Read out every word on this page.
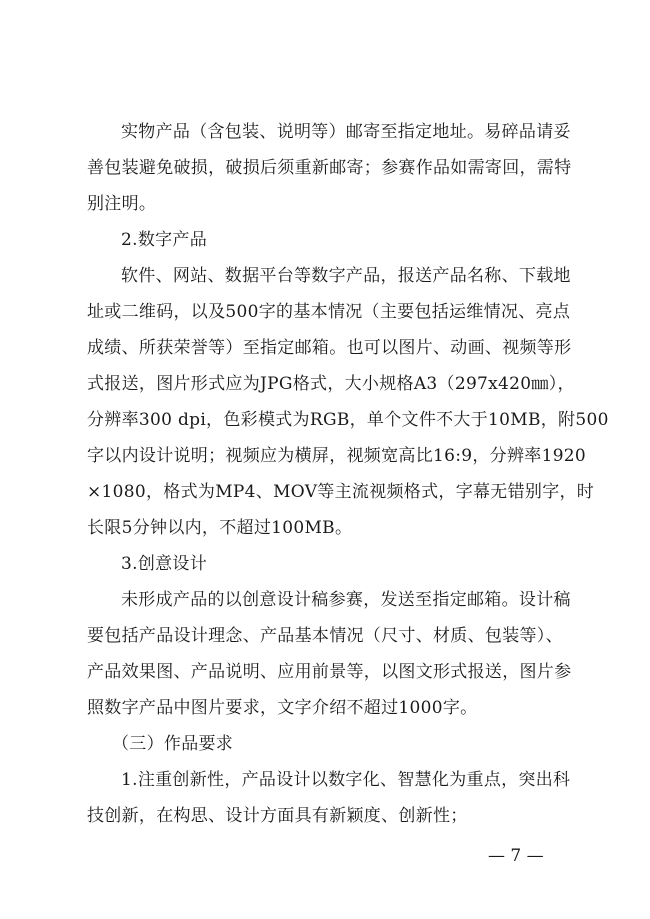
实物产品（含包装、说明等）邮寄至指定地址。易碎品请妥
善包装避免破损，破损后须重新邮寄；参赛作品如需寄回，需特
别注明。
2.数字产品
软件、网站、数据平台等数字产品，报送产品名称、下载地
址或二维码，以及500字的基本情况（主要包括运维情况、亮点
成绩、所获荣誉等）至指定邮箱。也可以图片、动画、视频等形
式报送，图片形式应为JPG格式，大小规格A3（297x420㎜），
分辨率300 dpi，色彩模式为RGB，单个文件不大于10MB，附500
字以内设计说明；视频应为横屏，视频宽高比16:9，分辨率1920
×1080，格式为MP4、MOV等主流视频格式，字幕无错别字，时
长限5分钟以内，不超过100MB。
3.创意设计
未形成产品的以创意设计稿参赛，发送至指定邮箱。设计稿
要包括产品设计理念、产品基本情况（尺寸、材质、包装等）、
产品效果图、产品说明、应用前景等，以图文形式报送，图片参
照数字产品中图片要求，文字介绍不超过1000字。
（三）作品要求
1.注重创新性，产品设计以数字化、智慧化为重点，突出科
技创新，在构思、设计方面具有新颖度、创新性；
— 7 —
